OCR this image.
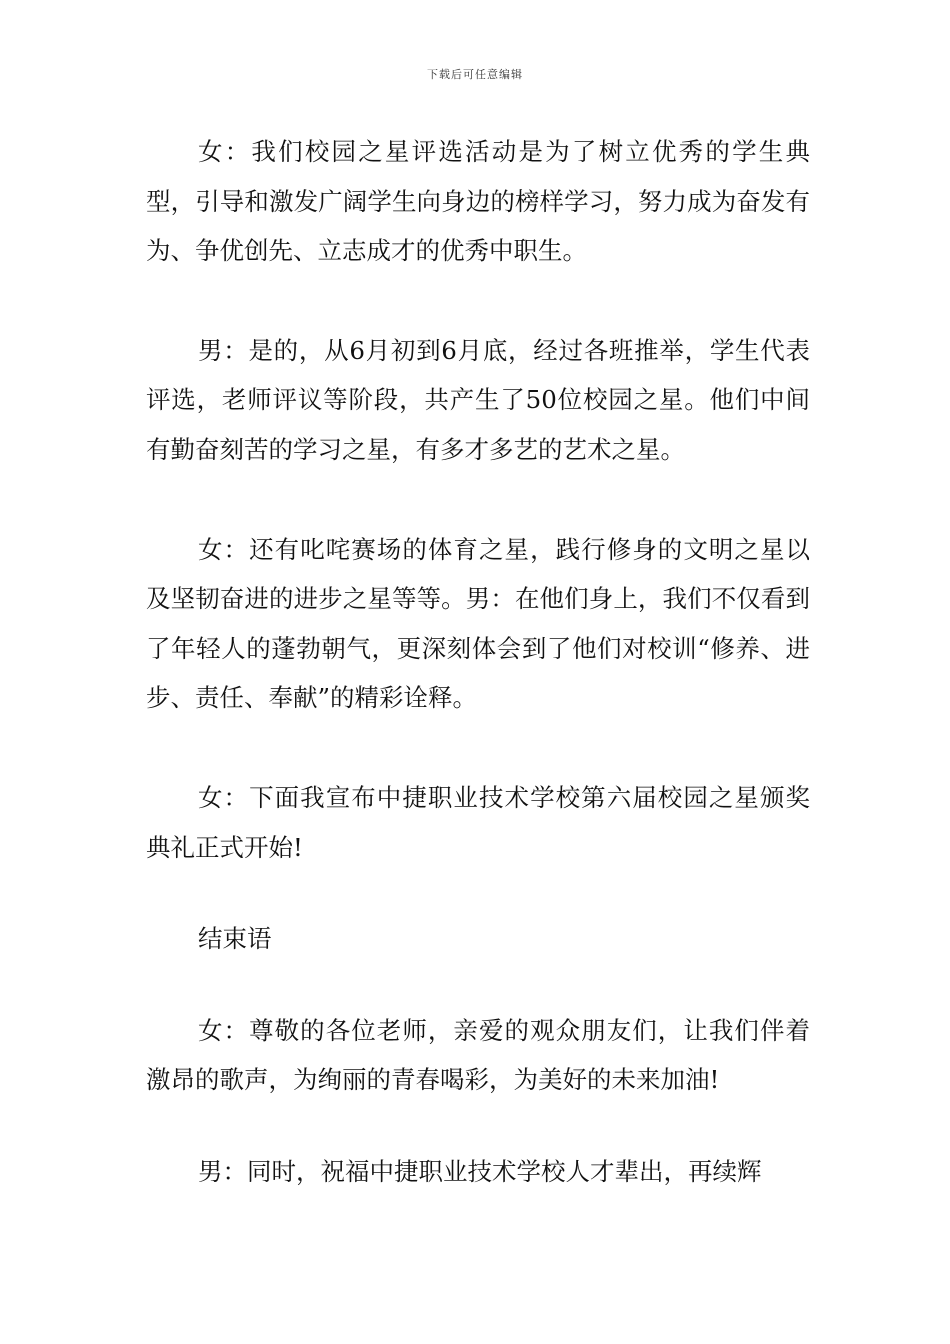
下载后可任意编辑

女：我们校园之星评选活动是为了树立优秀的学生典型，引导和激发广阔学生向身边的榜样学习，努力成为奋发有为、争优创先、立志成才的优秀中职生。

男：是的，从6月初到6月底，经过各班推举，学生代表评选，老师评议等阶段，共产生了50位校园之星。他们中间有勤奋刻苦的学习之星，有多才多艺的艺术之星。

女：还有叱咤赛场的体育之星，践行修身的文明之星以及坚韧奋进的进步之星等等。男：在他们身上，我们不仅看到了年轻人的蓬勃朝气，更深刻体会到了他们对校训“修养、进步、责任、奉献”的精彩诠释。

女：下面我宣布中捷职业技术学校第六届校园之星颁奖典礼正式开始!

结束语

女：尊敬的各位老师，亲爱的观众朋友们，让我们伴着激昂的歌声，为绚丽的青春喝彩，为美好的未来加油!

男：同时，祝福中捷职业技术学校人才辈出，再续辉
